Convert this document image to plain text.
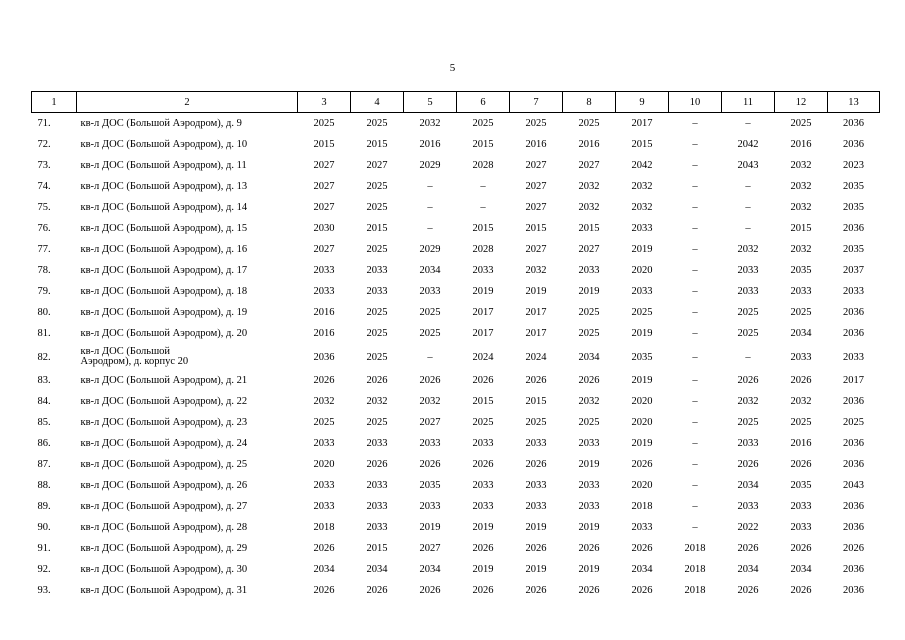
5
1	2	3	4	5	6	7	8	9	10	11	12	13
71.	кв-л ДОС (Большой Аэродром), д. 9	2025	2025	2032	2025	2025	2025	2017	–	–	2025	2036
72.	кв-л ДОС (Большой Аэродром), д. 10	2015	2015	2016	2015	2016	2016	2015	–	2042	2016	2036
73.	кв-л ДОС (Большой Аэродром), д. 11	2027	2027	2029	2028	2027	2027	2042	–	2043	2032	2023
74.	кв-л ДОС (Большой Аэродром), д. 13	2027	2025	–	–	2027	2032	2032	–	–	2032	2035
75.	кв-л ДОС (Большой Аэродром), д. 14	2027	2025	–	–	2027	2032	2032	–	–	2032	2035
76.	кв-л ДОС (Большой Аэродром), д. 15	2030	2015	–	2015	2015	2015	2033	–	–	2015	2036
77.	кв-л ДОС (Большой Аэродром), д. 16	2027	2025	2029	2028	2027	2027	2019	–	2032	2032	2035
78.	кв-л ДОС (Большой Аэродром), д. 17	2033	2033	2034	2033	2032	2033	2020	–	2033	2035	2037
79.	кв-л ДОС (Большой Аэродром), д. 18	2033	2033	2033	2019	2019	2019	2033	–	2033	2033	2033
80.	кв-л ДОС (Большой Аэродром), д. 19	2016	2025	2025	2017	2017	2025	2025	–	2025	2025	2036
81.	кв-л ДОС (Большой Аэродром), д. 20	2016	2025	2025	2017	2017	2025	2019	–	2025	2034	2036
82.	кв-л ДОС (Большой Аэродром), д. корпус 20	2036	2025	–	2024	2024	2034	2035	–	–	2033	2033
83.	кв-л ДОС (Большой Аэродром), д. 21	2026	2026	2026	2026	2026	2026	2019	–	2026	2026	2017
84.	кв-л ДОС (Большой Аэродром), д. 22	2032	2032	2032	2015	2015	2032	2020	–	2032	2032	2036
85.	кв-л ДОС (Большой Аэродром), д. 23	2025	2025	2027	2025	2025	2025	2020	–	2025	2025	2025
86.	кв-л ДОС (Большой Аэродром), д. 24	2033	2033	2033	2033	2033	2033	2019	–	2033	2016	2036
87.	кв-л ДОС (Большой Аэродром), д. 25	2020	2026	2026	2026	2026	2019	2026	–	2026	2026	2036
88.	кв-л ДОС (Большой Аэродром), д. 26	2033	2033	2035	2033	2033	2033	2020	–	2034	2035	2043
89.	кв-л ДОС (Большой Аэродром), д. 27	2033	2033	2033	2033	2033	2033	2018	–	2033	2033	2036
90.	кв-л ДОС (Большой Аэродром), д. 28	2018	2033	2019	2019	2019	2019	2033	–	2022	2033	2036
91.	кв-л ДОС (Большой Аэродром), д. 29	2026	2015	2027	2026	2026	2026	2026	2018	2026	2026	2026
92.	кв-л ДОС (Большой Аэродром), д. 30	2034	2034	2034	2019	2019	2019	2034	2018	2034	2034	2036
93.	кв-л ДОС (Большой Аэродром), д. 31	2026	2026	2026	2026	2026	2026	2026	2018	2026	2026	2036
